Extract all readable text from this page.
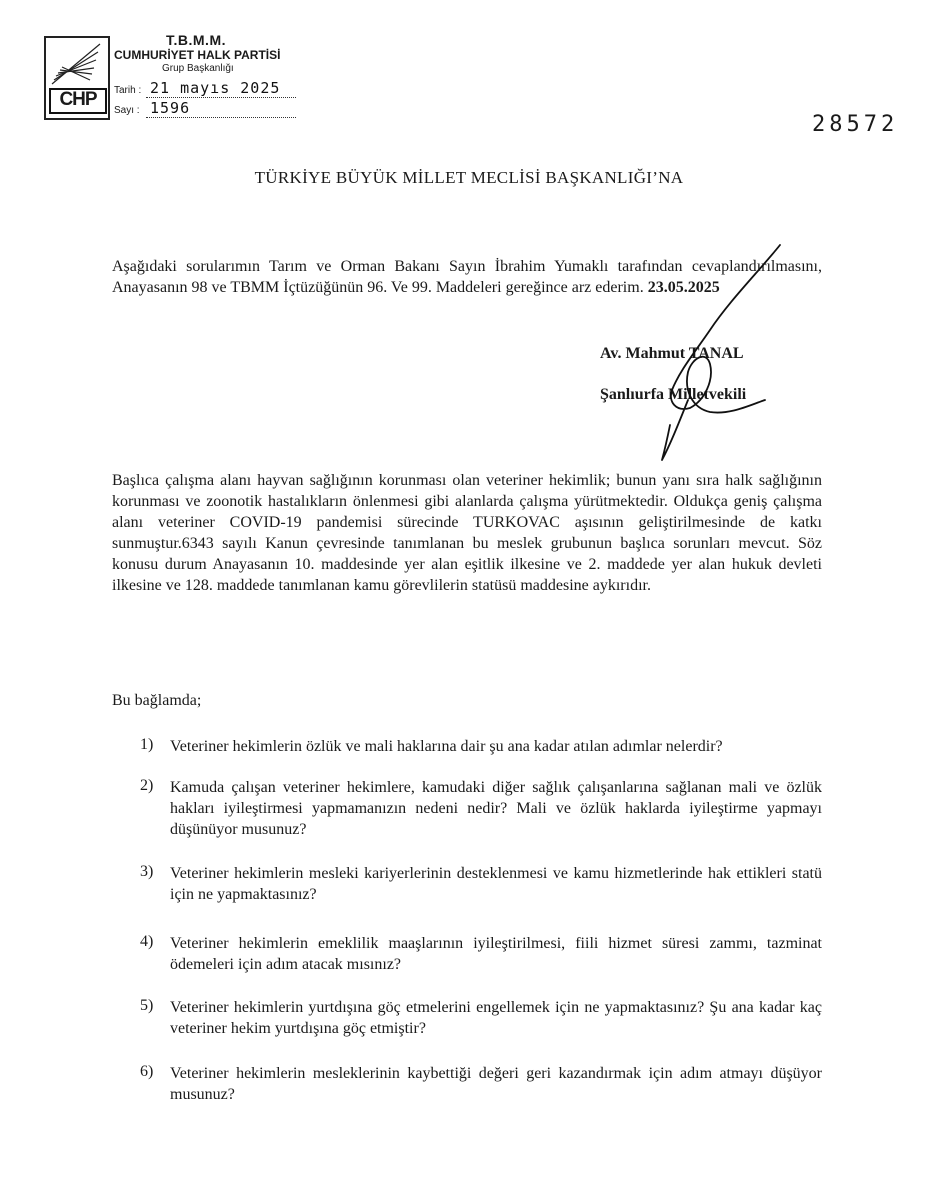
CHP
T.B.M.M.
CUMHURİYET HALK PARTİSİ
Grup Başkanlığı
Tarih : 21 mayıs 2025
Sayı : 1596
28572
TÜRKİYE BÜYÜK MİLLET MECLİSİ BAŞKANLIĞI’NA
Aşağıdaki sorularımın Tarım ve Orman Bakanı Sayın İbrahim Yumaklı tarafından cevaplandırılmasını, Anayasanın 98 ve TBMM İçtüzüğünün 96. Ve 99. Maddeleri gereğince arz ederim. 23.05.2025
Av. Mahmut TANAL
Şanlıurfa Milletvekili
Başlıca çalışma alanı hayvan sağlığının korunması olan veteriner hekimlik; bunun yanı sıra halk sağlığının korunması ve zoonotik hastalıkların önlenmesi gibi alanlarda çalışma yürütmektedir. Oldukça geniş çalışma alanı veteriner COVID-19 pandemisi sürecinde TURKOVAC aşısının geliştirilmesinde de katkı sunmuştur.6343 sayılı Kanun çevresinde tanımlanan bu meslek grubunun başlıca sorunları mevcut. Söz konusu durum Anayasanın 10. maddesinde yer alan eşitlik ilkesine ve 2. maddede yer alan hukuk devleti ilkesine ve 128. maddede tanımlanan kamu görevlilerin statüsü maddesine aykırıdır.
Bu bağlamda;
1) Veteriner hekimlerin özlük ve mali haklarına dair şu ana kadar atılan adımlar nelerdir?
2) Kamuda çalışan veteriner hekimlere, kamudaki diğer sağlık çalışanlarına sağlanan mali ve özlük hakları iyileştirmesi yapmamanızın nedeni nedir? Mali ve özlük haklarda iyileştirme yapmayı düşünüyor musunuz?
3) Veteriner hekimlerin mesleki kariyerlerinin desteklenmesi ve kamu hizmetlerinde hak ettikleri statü için ne yapmaktasınız?
4) Veteriner hekimlerin emeklilik maaşlarının iyileştirilmesi, fiili hizmet süresi zammı, tazminat ödemeleri için adım atacak mısınız?
5) Veteriner hekimlerin yurtdışına göç etmelerini engellemek için ne yapmaktasınız? Şu ana kadar kaç veteriner hekim yurtdışına göç etmiştir?
6) Veteriner hekimlerin mesleklerinin kaybettiği değeri geri kazandırmak için adım atmayı düşüyor musunuz?
